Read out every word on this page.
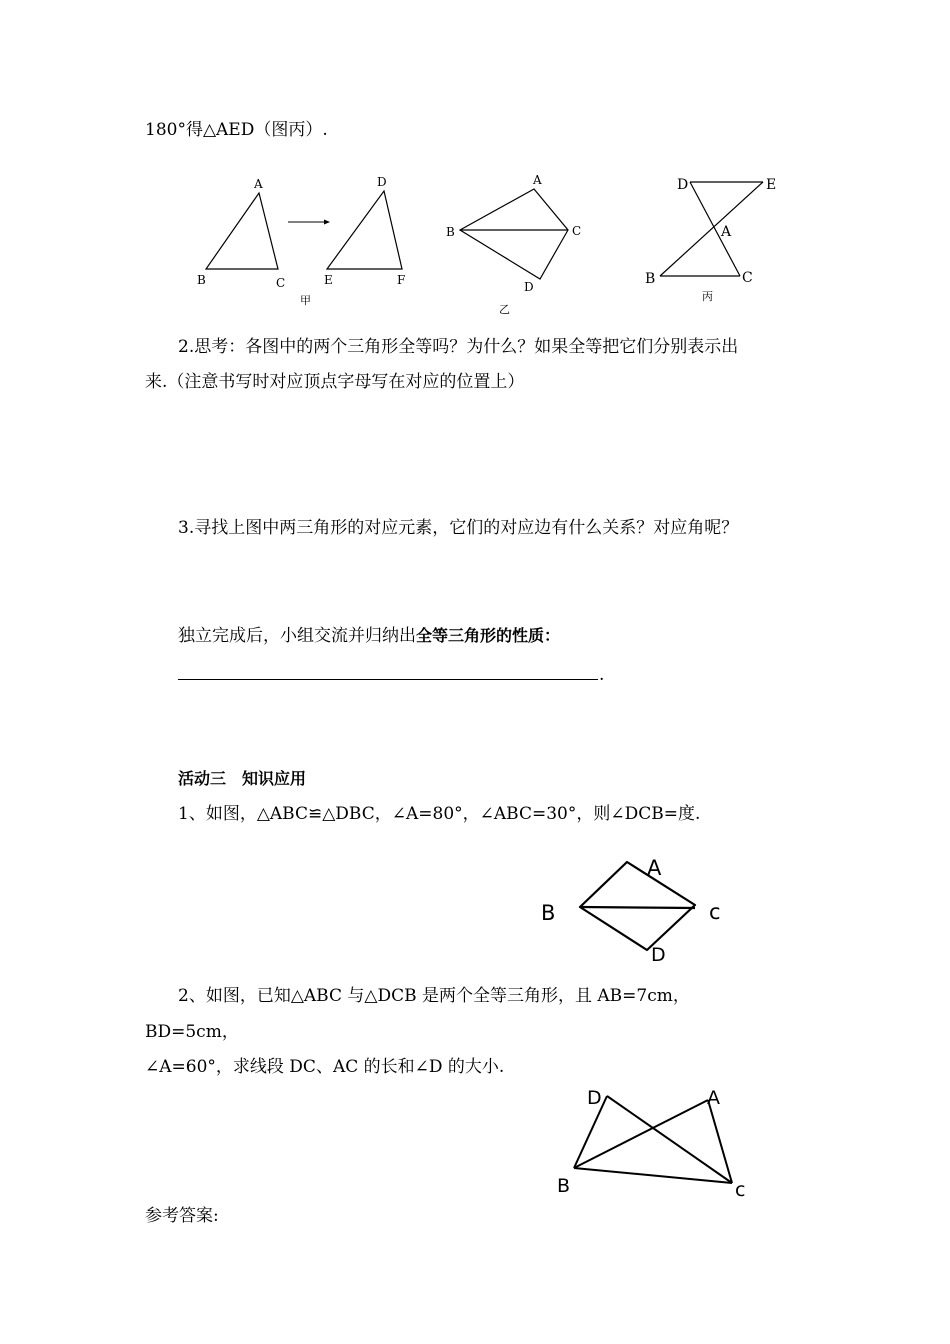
180°得△AED（图丙）.
A
B	C
D
E	F
甲
A
B	C
D
乙
D	E
A
B	C
丙
2.思考：各图中的两个三角形全等吗？为什么？如果全等把它们分别表示出
来.（注意书写时对应顶点字母写在对应的位置上）
3.寻找上图中两三角形的对应元素，它们的对应边有什么关系？对应角呢？
独立完成后，小组交流并归纳出全等三角形的性质：
.
活动三　知识应用
1、如图，△ABC≌△DBC，∠A=80°，∠ABC=30°，则∠DCB=度.
A
B	c
D
2、如图，已知△ABC 与△DCB 是两个全等三角形，且 AB=7cm，
BD=5cm，
∠A=60°，求线段 DC、AC 的长和∠D 的大小.
D	A
B	c
参考答案:
